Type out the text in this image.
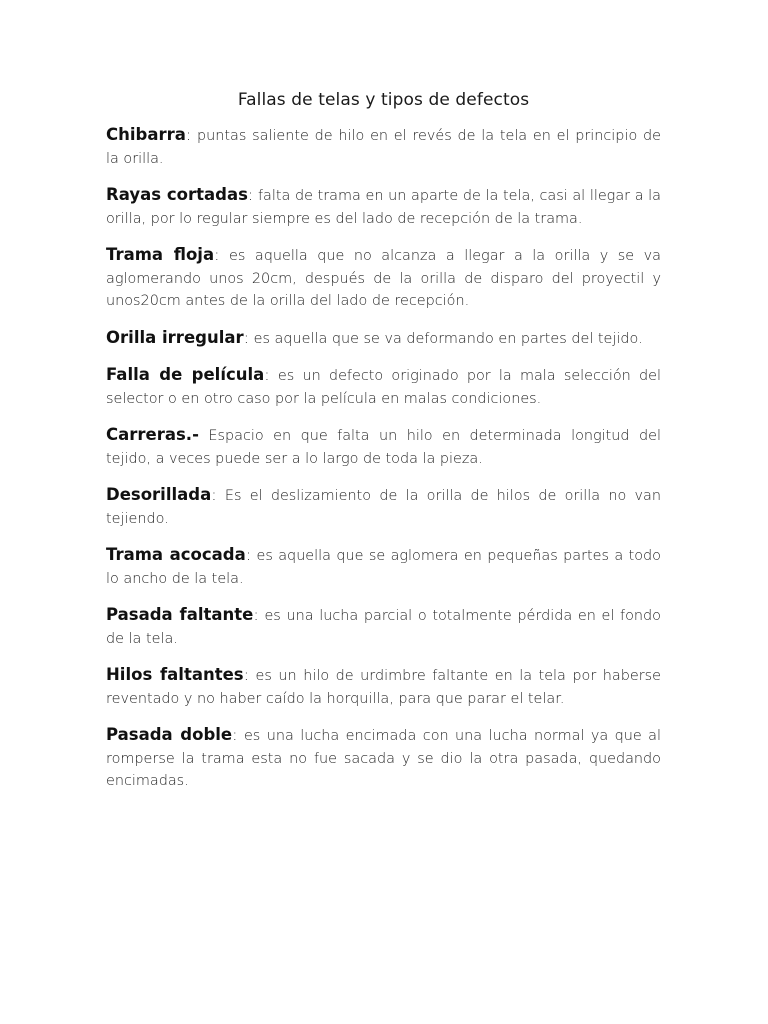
Fallas de telas y tipos de defectos

Chibarra: puntas saliente de hilo en el revés de la tela en el principio de la orilla.

Rayas cortadas: falta de trama en un aparte de la tela, casi al llegar a la orilla, por lo regular siempre es del lado de recepción de la trama.

Trama floja: es aquella que no alcanza a llegar a la orilla y se va aglomerando unos 20cm, después de la orilla de disparo del proyectil y unos20cm antes de la orilla del lado de recepción.

Orilla irregular: es aquella que se va deformando en partes del tejido.

Falla de película: es un defecto originado por la mala selección del selector o en otro caso por la película en malas condiciones.

Carreras.- Espacio en que falta un hilo en determinada longitud del tejido, a veces puede ser a lo largo de toda la pieza.

Desorillada: Es el deslizamiento de la orilla de hilos de orilla no van tejiendo.

Trama acocada: es aquella que se aglomera en pequeñas partes a todo lo ancho de la tela.

Pasada faltante: es una lucha parcial o totalmente pérdida en el fondo de la tela.

Hilos faltantes: es un hilo de urdimbre faltante en la tela por haberse reventado y no haber caído la horquilla, para que parar el telar.

Pasada doble: es una lucha encimada con una lucha normal ya que al romperse la trama esta no fue sacada y se dio la otra pasada, quedando encimadas.
